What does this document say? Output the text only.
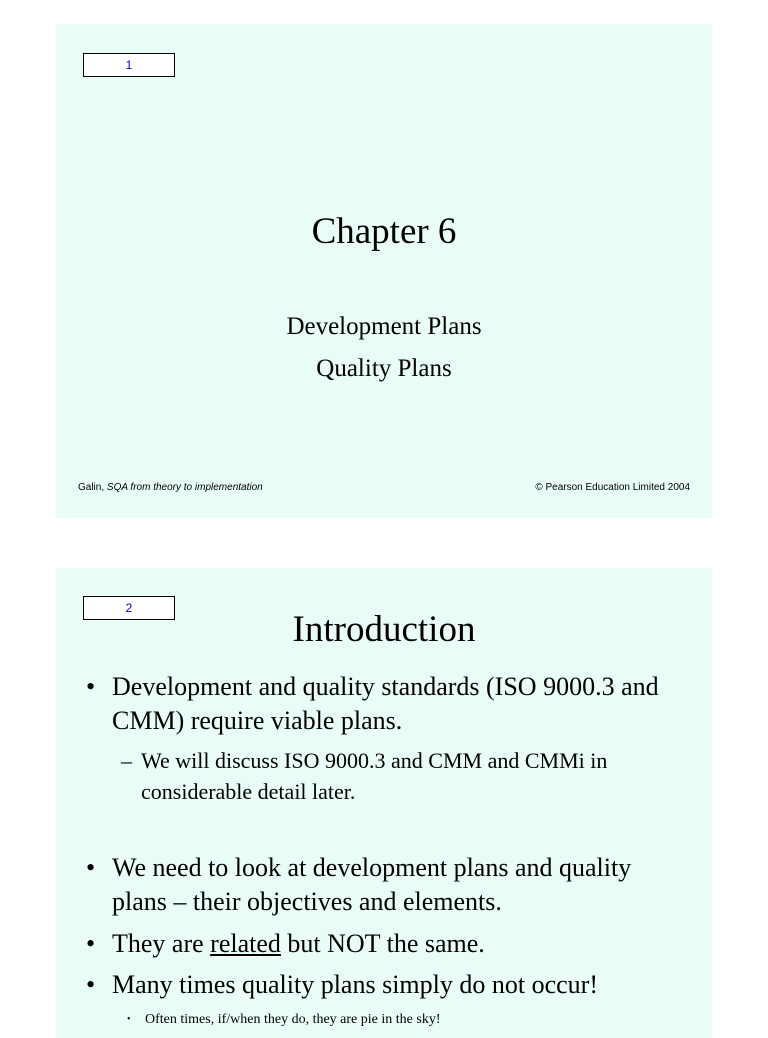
1
Chapter 6
Development Plans
Quality Plans
Galin, SQA from theory to implementation	© Pearson Education Limited 2004
2
Introduction
• Development and quality standards (ISO 9000.3 and CMM) require viable plans.
– We will discuss ISO 9000.3 and CMM and CMMi in considerable detail later.
• We need to look at development plans and quality plans – their objectives and elements.
• They are related but NOT the same.
• Many times quality plans simply do not occur!
• Often times, if/when they do, they are pie in the sky!
